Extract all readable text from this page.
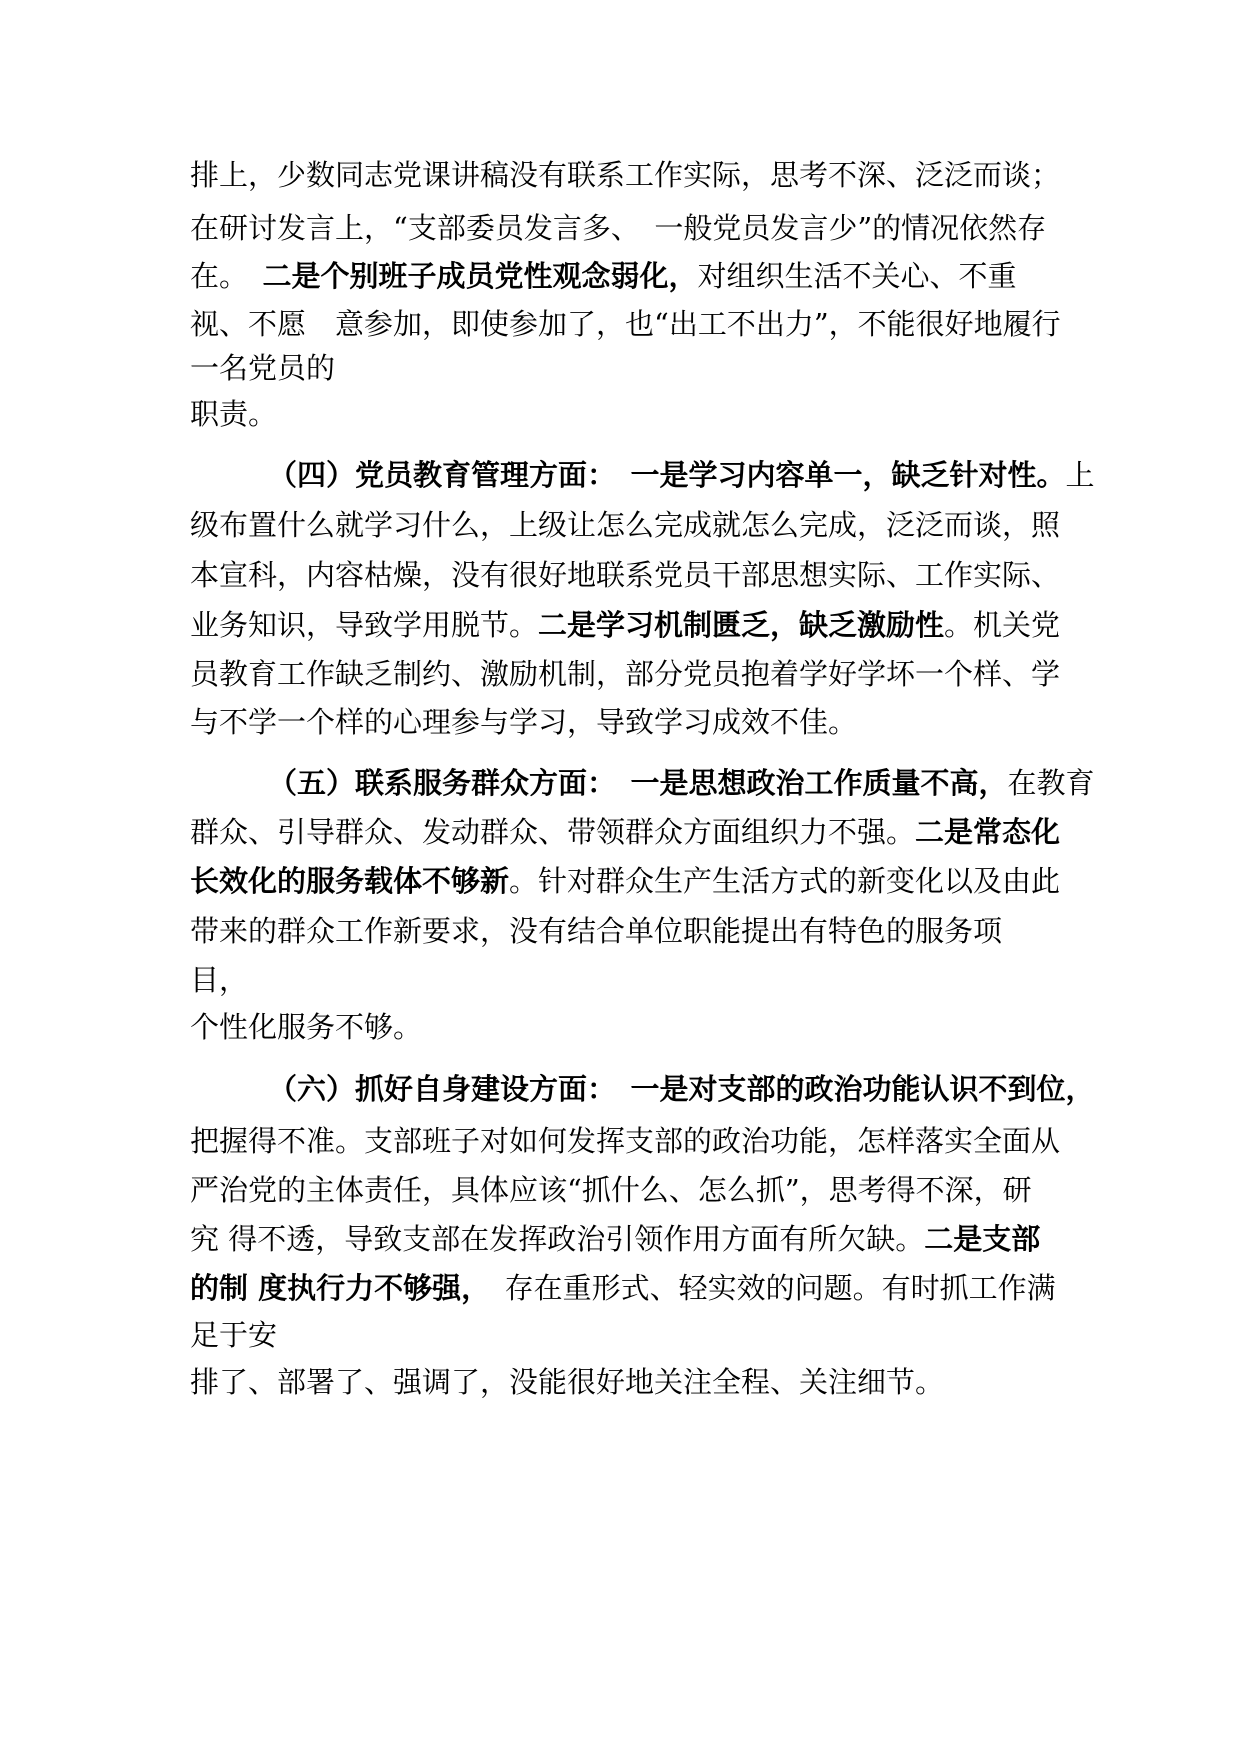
排上，少数同志党课讲稿没有联系工作实际，思考不深、泛泛而谈；
在研讨发言上，“支部委员发言多、　一般党员发言少”的情况依然存
在。　二是个别班子成员党性观念弱化，对组织生活不关心、不重
视、不愿　意参加，即使参加了，也“出工不出力”，不能很好地履行
一名党员的
职责。
（四）党员教育管理方面：　一是学习内容单一，缺乏针对性。上
级布置什么就学习什么，上级让怎么完成就怎么完成，泛泛而谈，照
本宣科，内容枯燥，没有很好地联系党员干部思想实际、工作实际、
业务知识，导致学用脱节。二是学习机制匮乏，缺乏激励性。机关党
员教育工作缺乏制约、激励机制，部分党员抱着学好学坏一个样、学
与不学一个样的心理参与学习，导致学习成效不佳。
（五）联系服务群众方面：　一是思想政治工作质量不高，在教育
群众、引导群众、发动群众、带领群众方面组织力不强。二是常态化
长效化的服务载体不够新。针对群众生产生活方式的新变化以及由此
带来的群众工作新要求，没有结合单位职能提出有特色的服务项
目，
个性化服务不够。
（六）抓好自身建设方面：　一是对支部的政治功能认识不到位，
把握得不准。支部班子对如何发挥支部的政治功能，怎样落实全面从
严治党的主体责任，具体应该“抓什么、怎么抓”，思考得不深，研
究 得不透，导致支部在发挥政治引领作用方面有所欠缺。二是支部
的制 度执行力不够强，　存在重形式、轻实效的问题。有时抓工作满
足于安
排了、部署了、强调了，没能很好地关注全程、关注细节。
